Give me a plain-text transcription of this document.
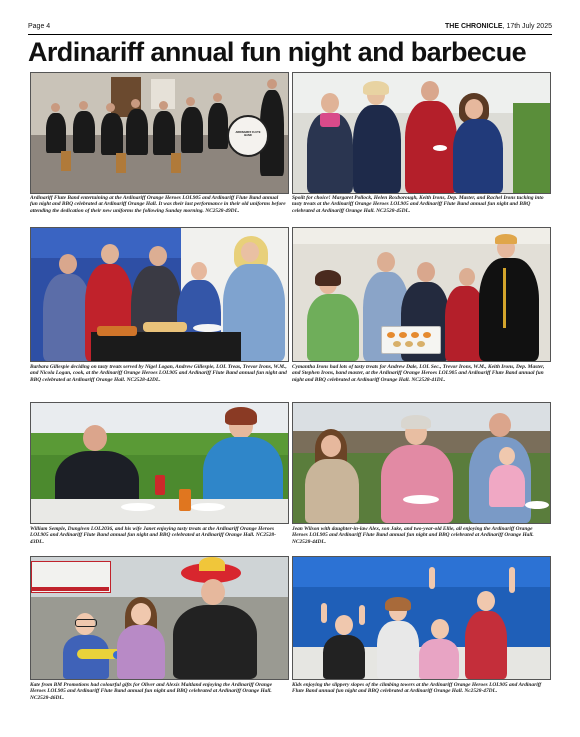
Page 4	THE CHRONICLE, 17th July 2025
Ardinariff annual fun night and barbecue
ARDINARIFF FLUTE BAND
Ardinariff Flute Band entertaining at the Ardinariff Orange Heroes LOL905 and Ardinariff Flute Band annual fun night and BBQ celebrated at Ardinariff Orange Hall. It was their last performance in their old uniforms before attending the dedication of their new uniforms the following Sunday morning. NC2528-49DL.
Spoilt for choice! Margaret Pollock, Helen Roxborough, Keith Irons, Dep. Master, and Rachel Irons tucking into tasty treats at the Ardinariff Orange Heroes LOL905 and Ardinariff Flute Band annual fun night and BBQ celebrated at Ardinariff Orange Hall. NC2528-45DL.
Barbara Gillespie deciding on tasty treats served by Nigel Logan, Andrew Gillespie, LOL Treas, Trevor Irons, W.M., and Nicola Logan, cook, at the Ardinariff Orange Heroes LOL905 and Ardinariff Flute Band annual fun night and BBQ celebrated at Ardinariff Orange Hall. NC2528-42DL.
Cymantha Irons had lots of tasty treats for Andrew Dale, LOL Sec., Trevor Irons, W.M., Keith Irons, Dep. Master, and Stephen Irons, band master, at the Ardinariff Orange Heroes LOL905 and Ardinariff Flute Band annual fun night and BBQ celebrated at Ardinariff Orange Hall. NC2528-41DL.
William Semple, Dungiven LOL2036, and his wife Janet enjoying tasty treats at the Ardinariff Orange Heroes LOL905 and Ardinariff Flute Band annual fun night and BBQ celebrated at Ardinariff Orange Hall. NC2528-43DL.
Jean Wilson with daughter-in-law Alex, son Jake, and two-year-old Ellie, all enjoying the Ardinariff Orange Heroes LOL905 and Ardinariff Flute Band annual fun night and BBQ celebrated at Ardinariff Orange Hall. NC2528-44DL.
Kate from BM Promotions had colourful gifts for Oliver and Alexis Maitland enjoying the Ardinariff Orange Heroes LOL905 and Ardinariff Flute Band annual fun night and BBQ celebrated at Ardinariff Orange Hall. NC2528-46DL.
Kids enjoying the slippery slopes of the climbing towers at the Ardinariff Orange Heroes LOL905 and Ardinariff Flute Band annual fun night and BBQ celebrated at Ardinariff Orange Hall. Nc2528-47DL.
